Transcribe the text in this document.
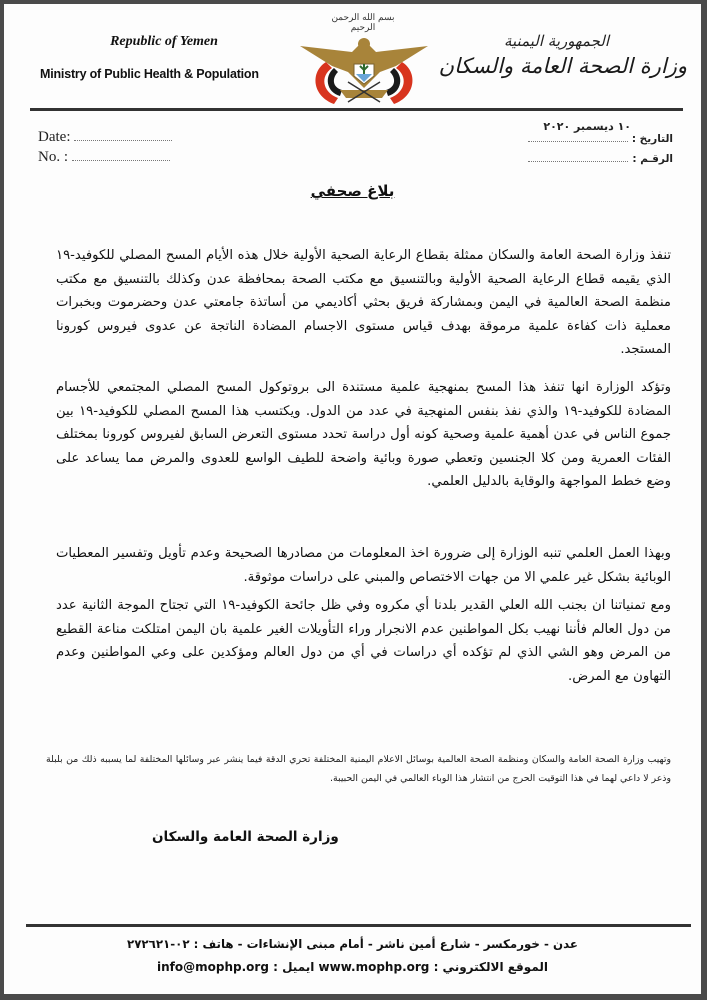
بسم الله الرحمن الرحيم
Republic of Yemen
Ministry of Public Health & Population
الجمهورية اليمنية
وزارة الصحة العامة والسكان
Date:
No. :
١٠ ديسمبر ٢٠٢٠
التاريخ :
الرقـم :
بلاغ صحفي
تنفذ وزارة الصحة العامة والسكان ممثلة بقطاع الرعاية الصحية الأولية خلال هذه الأيام المسح المصلي للكوفيد-١٩ الذي يقيمه قطاع الرعاية الصحية الأولية وبالتنسيق مع مكتب الصحة بمحافظة عدن وكذلك بالتنسيق مع مكتب منظمة الصحة العالمية في اليمن وبمشاركة فريق بحثي أكاديمي من أساتذة جامعتي عدن وحضرموت وبخبرات معملية ذات كفاءة علمية مرموقة بهدف قياس مستوى الاجسام المضادة الناتجة عن عدوى فيروس كورونا المستجد.
وتؤكد الوزارة انها تنفذ هذا المسح بمنهجية علمية مستندة الى بروتوكول المسح المصلي المجتمعي للأجسام المضادة للكوفيد-١٩ والذي نفذ بنفس المنهجية في عدد من الدول. ويكتسب هذا المسح المصلي للكوفيد-١٩ بين جموع الناس في عدن أهمية علمية وصحية كونه أول دراسة تحدد مستوى التعرض السابق لفيروس كورونا بمختلف الفئات العمرية ومن كلا الجنسين وتعطي صورة وبائية واضحة للطيف الواسع للعدوى والمرض مما يساعد على وضع خطط المواجهة والوقاية بالدليل العلمي.
وبهذا العمل العلمي تنبه الوزارة إلى ضرورة اخذ المعلومات من مصادرها الصحيحة وعدم تأويل وتفسير المعطيات الوبائية بشكل غير علمي الا من جهات الاختصاص والمبني على دراسات موثوقة.
ومع تمنياتنا ان بجنب الله العلي القدير بلدنا أي مكروه وفي ظل جائحة الكوفيد-١٩ التي تجتاح الموجة الثانية عدد من دول العالم فأننا نهيب بكل المواطنين عدم الانجرار وراء التأويلات الغير علمية بان اليمن امتلكت مناعة القطيع من المرض وهو الشي الذي لم تؤكده أي دراسات في أي من دول العالم ومؤكدين على وعي المواطنين وعدم التهاون مع المرض.
وتهيب وزارة الصحة العامة والسكان ومنظمة الصحة العالمية بوسائل الاعلام اليمنية المختلفة تحري الدقة فيما ينشر عبر وسائلها المختلفة لما يسببه ذلك من بلبلة وذعر لا داعي لهما في هذا التوقيت الحرج من انتشار هذا الوباء العالمي في اليمن الحبيبة.
وزارة الصحة العامة والسكان
عدن - خورمكسر - شارع أمين ناشر - أمام مبنى الإنشاءات - هاتف : ٠٢-٢٧٢٦٢١
الموقع الالكتروني : www.mophp.org ايميل : info@mophp.org
